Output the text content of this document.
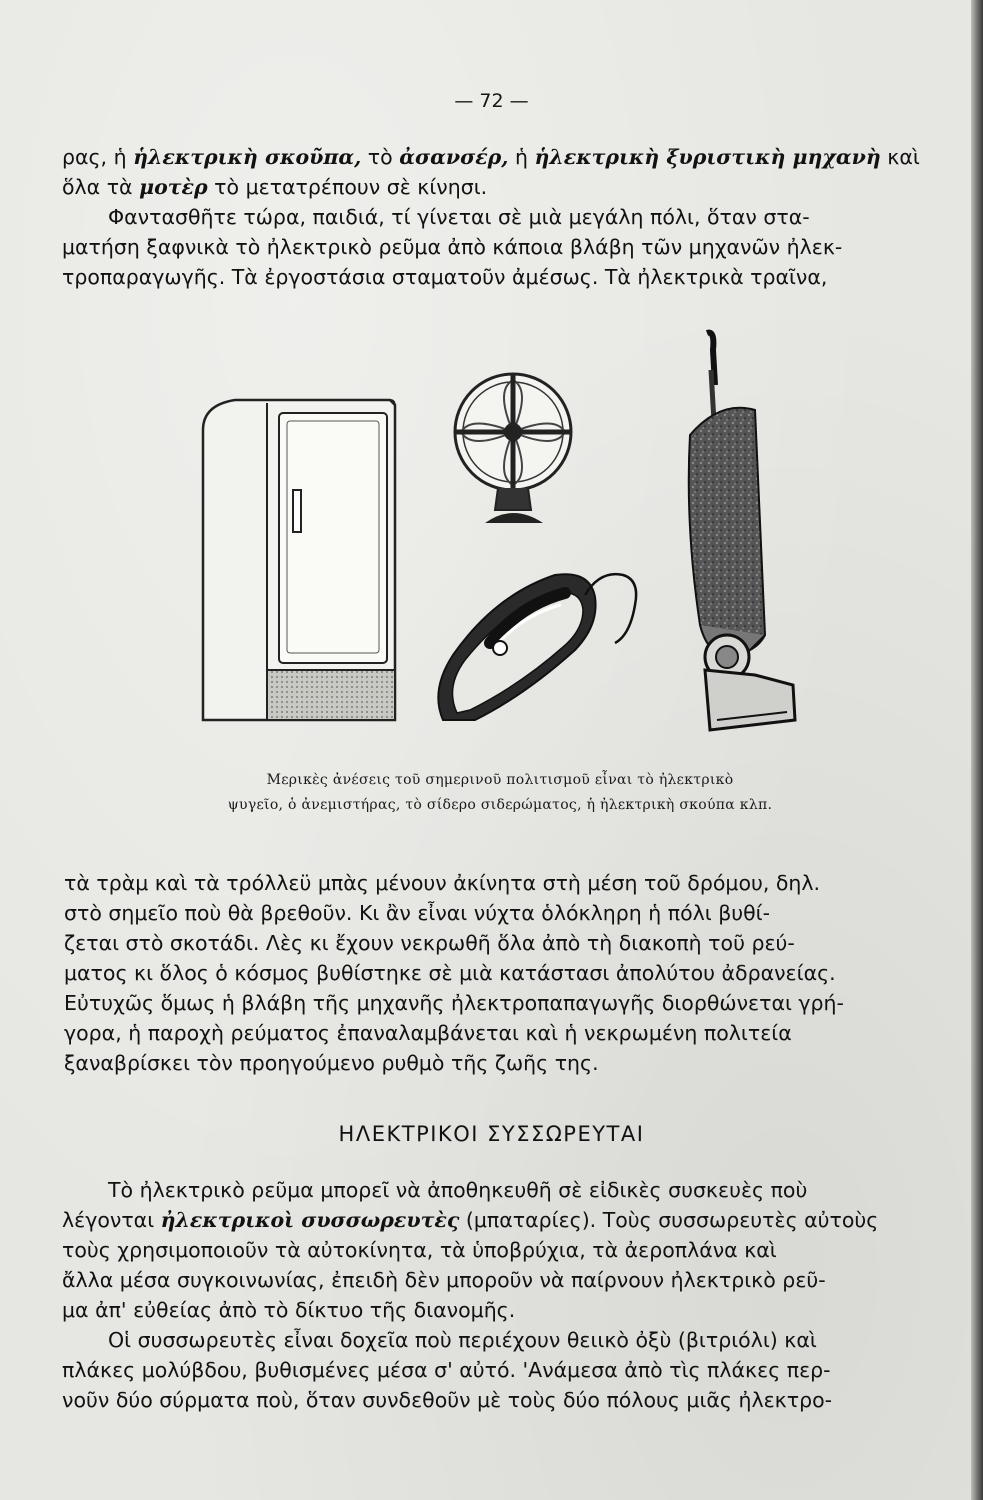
— 72 —
ρας, ἡ ἡλεκτρικὴ σκοῦπα, τὸ ἀσανσέρ, ἡ ἡλεκτρικὴ ξυριστικὴ μηχανὴ καὶ
ὅλα τὰ μοτὲρ τὸ μετατρέπουν σὲ κίνησι.
Φαντασθῆτε τώρα, παιδιά, τί γίνεται σὲ μιὰ μεγάλη πόλι, ὅταν στα-
ματήση ξαφνικὰ τὸ ἠλεκτρικὸ ρεῦμα ἀπὸ κάποια βλάβη τῶν μηχανῶν ἠλεκ-
τροπαραγωγῆς. Τὰ ἐργοστάσια σταματοῦν ἀμέσως. Τὰ ἠλεκτρικὰ τραῖνα,
Μερικὲς ἀνέσεις τοῦ σημερινοῦ πολιτισμοῦ εἶναι τὸ ἠλεκτρικὸ
ψυγεῖο, ὁ ἀνεμιστήρας, τὸ σίδερο σιδερώματος, ἡ ἠλεκτρικὴ σκούπα κλπ.
τὰ τρὰμ καὶ τὰ τρόλλεϋ μπὰς μένουν ἀκίνητα στὴ μέση τοῦ δρόμου, δηλ.
στὸ σημεῖο ποὺ θὰ βρεθοῦν. Κι ἂν εἶναι νύχτα ὁλόκληρη ἡ πόλι βυθί-
ζεται στὸ σκοτάδι. Λὲς κι ἔχουν νεκρωθῆ ὅλα ἀπὸ τὴ διακοπὴ τοῦ ρεύ-
ματος κι ὅλος ὁ κόσμος βυθίστηκε σὲ μιὰ κατάστασι ἀπολύτου ἀδρανείας.
Εὐτυχῶς ὅμως ἡ βλάβη τῆς μηχανῆς ἠλεκτροπαπαγωγῆς διορθώνεται γρή-
γορα, ἡ παροχὴ ρεύματος ἐπαναλαμβάνεται καὶ ἡ νεκρωμένη πολιτεία
ξαναβρίσκει τὸν προηγούμενο ρυθμὸ τῆς ζωῆς της.
ΗΛΕΚΤΡΙΚΟΙ ΣΥΣΣΩΡΕΥΤΑΙ
Τὸ ἠλεκτρικὸ ρεῦμα μπορεῖ νὰ ἀποθηκευθῆ σὲ εἰδικὲς συσκευὲς ποὺ
λέγονται ἠλεκτρικοὶ συσσωρευτὲς (μπαταρίες). Τοὺς συσσωρευτὲς αὐτοὺς
τοὺς χρησιμοποιοῦν τὰ αὐτοκίνητα, τὰ ὑποβρύχια, τὰ ἀεροπλάνα καὶ
ἄλλα μέσα συγκοινωνίας, ἐπειδὴ δὲν μποροῦν νὰ παίρνουν ἠλεκτρικὸ ρεῦ-
μα ἀπ' εὐθείας ἀπὸ τὸ δίκτυο τῆς διανομῆς.
Οἱ συσσωρευτὲς εἶναι δοχεῖα ποὺ περιέχουν θειικὸ ὀξὺ (βιτριόλι) καὶ
πλάκες μολύβδου, βυθισμένες μέσα σ' αὐτό. 'Ανάμεσα ἀπὸ τὶς πλάκες περ-
νοῦν δύο σύρματα ποὺ, ὅταν συνδεθοῦν μὲ τοὺς δύο πόλους μιᾶς ἠλεκτρο-
